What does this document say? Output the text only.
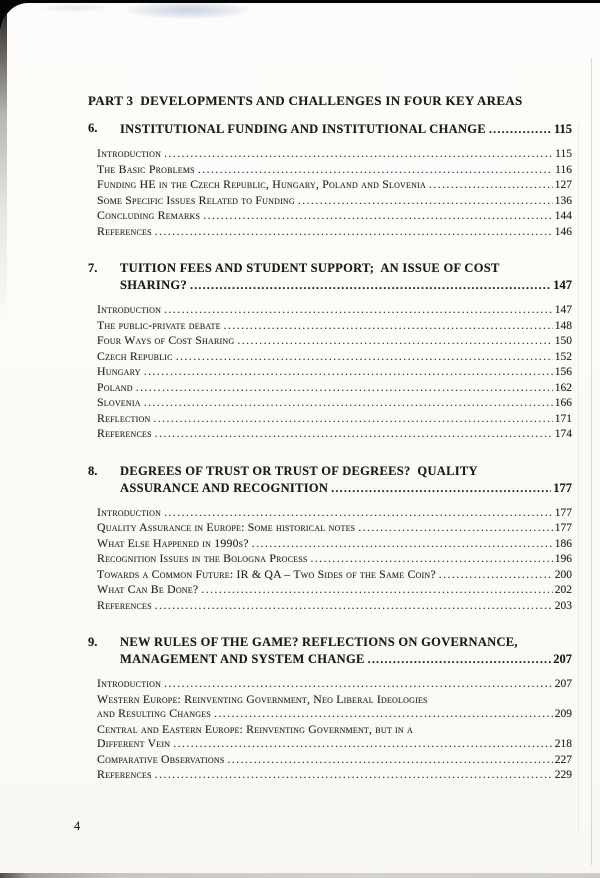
PART 3  DEVELOPMENTS AND CHALLENGES IN FOUR KEY AREAS
6.	INSTITUTIONAL FUNDING AND INSTITUTIONAL CHANGE .....	115
Introduction .....	115
The Basic Problems .....	116
Funding HE in the Czech Republic, Hungary, Poland and Slovenia .....	127
Some Specific Issues Related to Funding .....	136
Concluding Remarks .....	144
References .....	146
7.	TUITION FEES AND STUDENT SUPPORT;  AN ISSUE OF COST
SHARING? .....	147
Introduction .....	147
The public-private debate .....	148
Four Ways of Cost Sharing .....	150
Czech Republic .....	152
Hungary .....	156
Poland .....	162
Slovenia .....	166
Reflection .....	171
References .....	174
8.	DEGREES OF TRUST OR TRUST OF DEGREES?  QUALITY
ASSURANCE AND RECOGNITION .....	177
Introduction .....	177
Quality Assurance in Europe: Some historical notes .....	177
What Else Happened in 1990s? .....	186
Recognition Issues in the Bologna Process .....	196
Towards a Common Future: IR & QA – Two Sides of the Same Coin? .....	200
What Can Be Done? .....	202
References .....	203
9.	NEW RULES OF THE GAME? REFLECTIONS ON GOVERNANCE,
MANAGEMENT AND SYSTEM CHANGE .....	207
Introduction .....	207
Western Europe: Reinventing Government, Neo Liberal Ideologies
and Resulting Changes .....	209
Central and Eastern Europe: Reinventing Government, but in a
Different Vein .....	218
Comparative Observations .....	227
References .....	229
4
